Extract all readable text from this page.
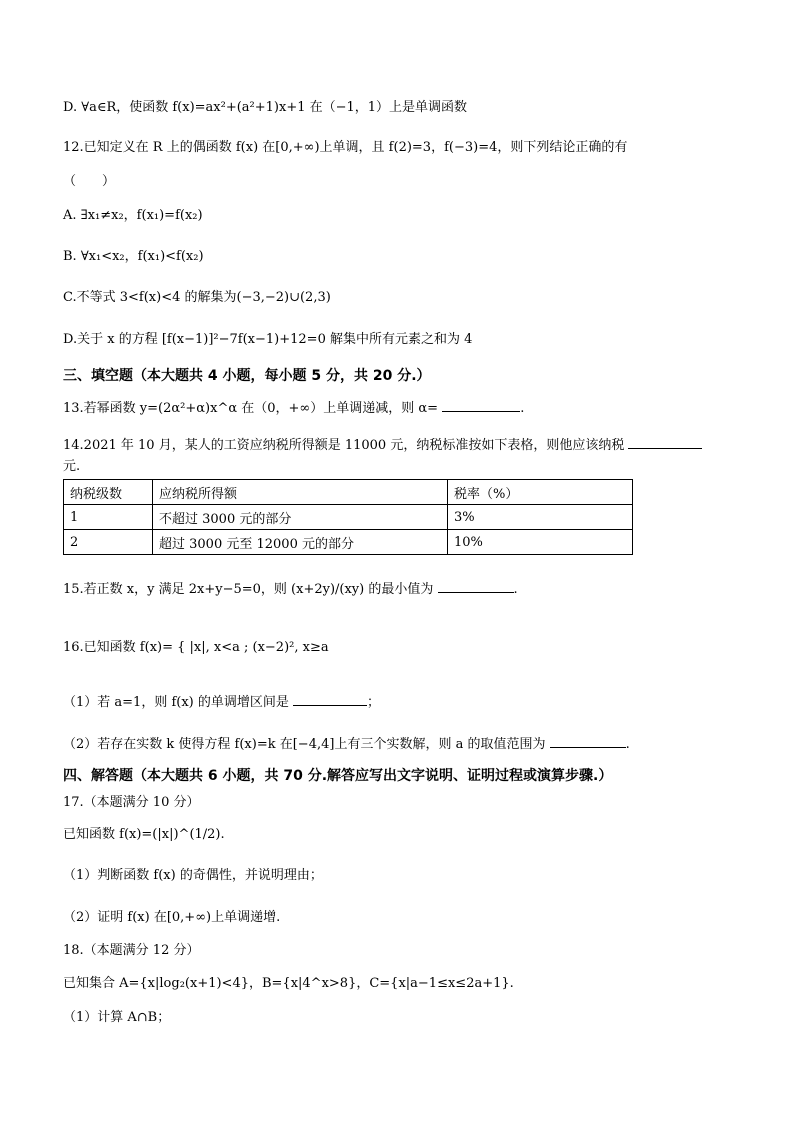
D. ∀a∈R，使函数 f(x)=ax²+(a²+1)x+1 在（−1，1）上是单调函数
12.已知定义在 R 上的偶函数 f(x) 在[0,+∞)上单调，且 f(2)=3，f(−3)=4，则下列结论正确的有
（　　）
A. ∃x₁≠x₂，f(x₁)=f(x₂)
B. ∀x₁<x₂，f(x₁)<f(x₂)
C.不等式 3<f(x)<4 的解集为(−3,−2)∪(2,3)
D.关于 x 的方程 [f(x−1)]²−7f(x−1)+12=0 解集中所有元素之和为 4
三、填空题（本大题共 4 小题，每小题 5 分，共 20 分.）
13.若幂函数 y=(2α²+α)x^α 在（0，+∞）上单调递减，则 α=	.
14.2021 年 10 月，某人的工资应纳税所得额是 11000 元，纳税标准按如下表格，则他应该纳税
元.
纳税级数	应纳税所得额	税率（%）
1	不超过 3000 元的部分	3%
2	超过 3000 元至 12000 元的部分	10%
15.若正数 x，y 满足 2x+y−5=0，则 (x+2y)/(xy) 的最小值为	.
16.已知函数 f(x)= { |x|, x<a ; (x−2)², x≥a
（1）若 a=1，则 f(x) 的单调增区间是	；
（2）若存在实数 k 使得方程 f(x)=k 在[−4,4]上有三个实数解，则 a 的取值范围为	.
四、解答题（本大题共 6 小题，共 70 分.解答应写出文字说明、证明过程或演算步骤.）
17.（本题满分 10 分）
已知函数 f(x)=(|x|)^(1/2).
（1）判断函数 f(x) 的奇偶性，并说明理由；
（2）证明 f(x) 在[0,+∞)上单调递增.
18.（本题满分 12 分）
已知集合 A={x|log₂(x+1)<4}，B={x|4^x>8}，C={x|a−1≤x≤2a+1}.
（1）计算 A∩B；
